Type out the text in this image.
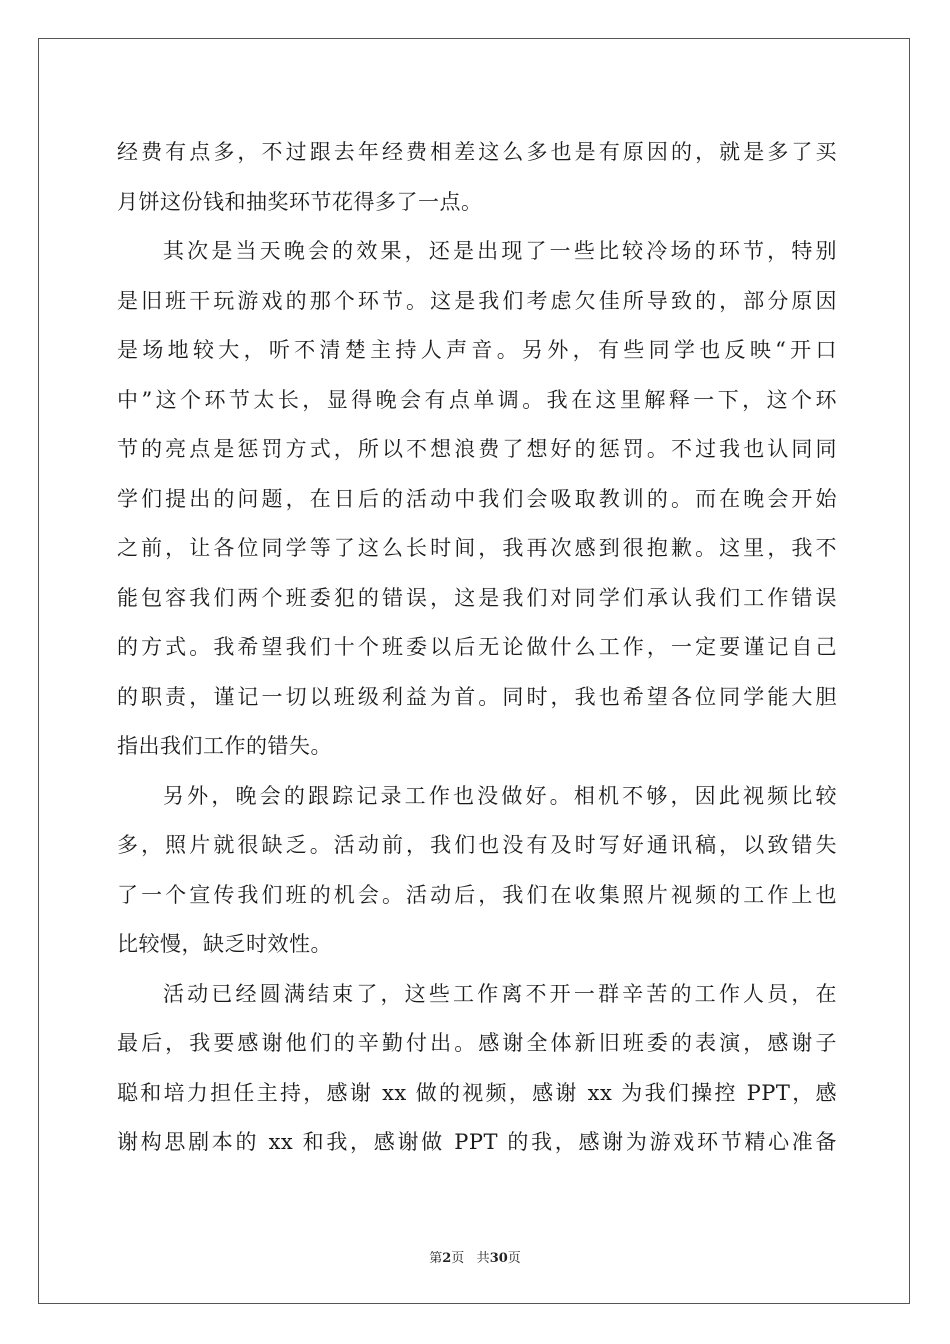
经费有点多，不过跟去年经费相差这么多也是有原因的，就是多了买
月饼这份钱和抽奖环节花得多了一点。
其次是当天晚会的效果，还是出现了一些比较冷场的环节，特别
是旧班干玩游戏的那个环节。这是我们考虑欠佳所导致的，部分原因
是场地较大，听不清楚主持人声音。另外，有些同学也反映“开口
中”这个环节太长，显得晚会有点单调。我在这里解释一下，这个环
节的亮点是惩罚方式，所以不想浪费了想好的惩罚。不过我也认同同
学们提出的问题，在日后的活动中我们会吸取教训的。而在晚会开始
之前，让各位同学等了这么长时间，我再次感到很抱歉。这里，我不
能包容我们两个班委犯的错误，这是我们对同学们承认我们工作错误
的方式。我希望我们十个班委以后无论做什么工作，一定要谨记自己
的职责，谨记一切以班级利益为首。同时，我也希望各位同学能大胆
指出我们工作的错失。
另外，晚会的跟踪记录工作也没做好。相机不够，因此视频比较
多，照片就很缺乏。活动前，我们也没有及时写好通讯稿，以致错失
了一个宣传我们班的机会。活动后，我们在收集照片视频的工作上也
比较慢，缺乏时效性。
活动已经圆满结束了，这些工作离不开一群辛苦的工作人员，在
最后，我要感谢他们的辛勤付出。感谢全体新旧班委的表演，感谢子
聪和培力担任主持，感谢 xx 做的视频，感谢 xx 为我们操控 PPT，感
谢构思剧本的 xx 和我，感谢做 PPT 的我，感谢为游戏环节精心准备
第2页 共30页
